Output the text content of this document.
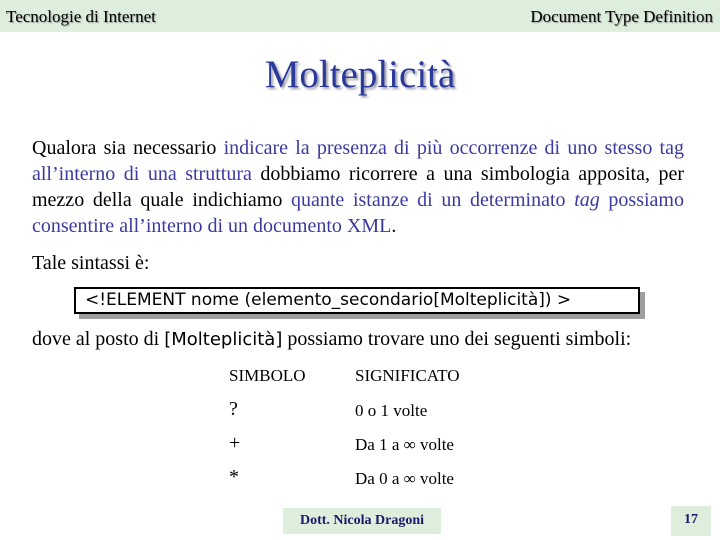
Tecnologie di Internet	Document Type Definition
Molteplicità
Qualora sia necessario indicare la presenza di più occorrenze di uno stesso tag all’interno di una struttura dobbiamo ricorrere a una simbologia apposita, per mezzo della quale indichiamo quante istanze di un determinato tag possiamo consentire all’interno di un documento XML.
Tale sintassi è:
<!ELEMENT nome (elemento_secondario[Molteplicità]) >
dove al posto di [Molteplicità] possiamo trovare uno dei seguenti simboli:
SIMBOLO	SIGNIFICATO
?	0 o 1 volte
+	Da 1 a ∞ volte
*	Da 0 a ∞ volte
Dott. Nicola Dragoni	17
